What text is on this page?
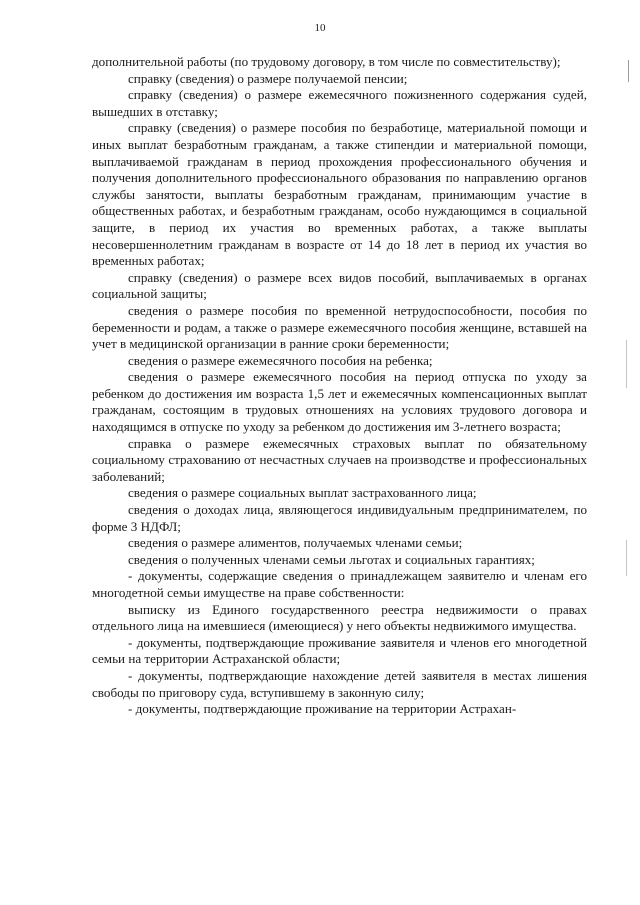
10

дополнительной работы (по трудовому договору, в том числе по совместительству);

справку (сведения) о размере получаемой пенсии;

справку (сведения) о размере ежемесячного пожизненного содержания судей, вышедших в отставку;

справку (сведения) о размере пособия по безработице, материальной помощи и иных выплат безработным гражданам, а также стипендии и материальной помощи, выплачиваемой гражданам в период прохождения профессионального обучения и получения дополнительного профессионального образования по направлению органов службы занятости, выплаты безработным гражданам, принимающим участие в общественных работах, и безработным гражданам, особо нуждающимся в социальной защите, в период их участия во временных работах, а также выплаты несовершеннолетним гражданам в возрасте от 14 до 18 лет в период их участия во временных работах;

справку (сведения) о размере всех видов пособий, выплачиваемых в органах социальной защиты;

сведения о размере пособия по временной нетрудоспособности, пособия по беременности и родам, а также о размере ежемесячного пособия женщине, вставшей на учет в медицинской организации в ранние сроки беременности;

сведения о размере ежемесячного пособия на ребенка;

сведения о размере ежемесячного пособия на период отпуска по уходу за ребенком до достижения им возраста 1,5 лет и ежемесячных компенсационных выплат гражданам, состоящим в трудовых отношениях на условиях трудового договора и находящимся в отпуске по уходу за ребенком до достижения им 3-летнего возраста;

справка о размере ежемесячных страховых выплат по обязательному социальному страхованию от несчастных случаев на производстве и профессиональных заболеваний;

сведения о размере социальных выплат застрахованного лица;

сведения о доходах лица, являющегося индивидуальным предпринимателем, по форме 3 НДФЛ;

сведения о размере алиментов, получаемых членами семьи;

сведения о полученных членами семьи льготах и социальных гарантиях;

- документы, содержащие сведения о принадлежащем заявителю и членам его многодетной семьи имуществе на праве собственности:

выписку из Единого государственного реестра недвижимости о правах отдельного лица на имевшиеся (имеющиеся) у него объекты недвижимого имущества.

- документы, подтверждающие проживание заявителя и членов его многодетной семьи на территории Астраханской области;

- документы, подтверждающие нахождение детей заявителя в местах лишения свободы по приговору суда, вступившему в законную силу;

- документы, подтверждающие проживание на территории Астрахан-
